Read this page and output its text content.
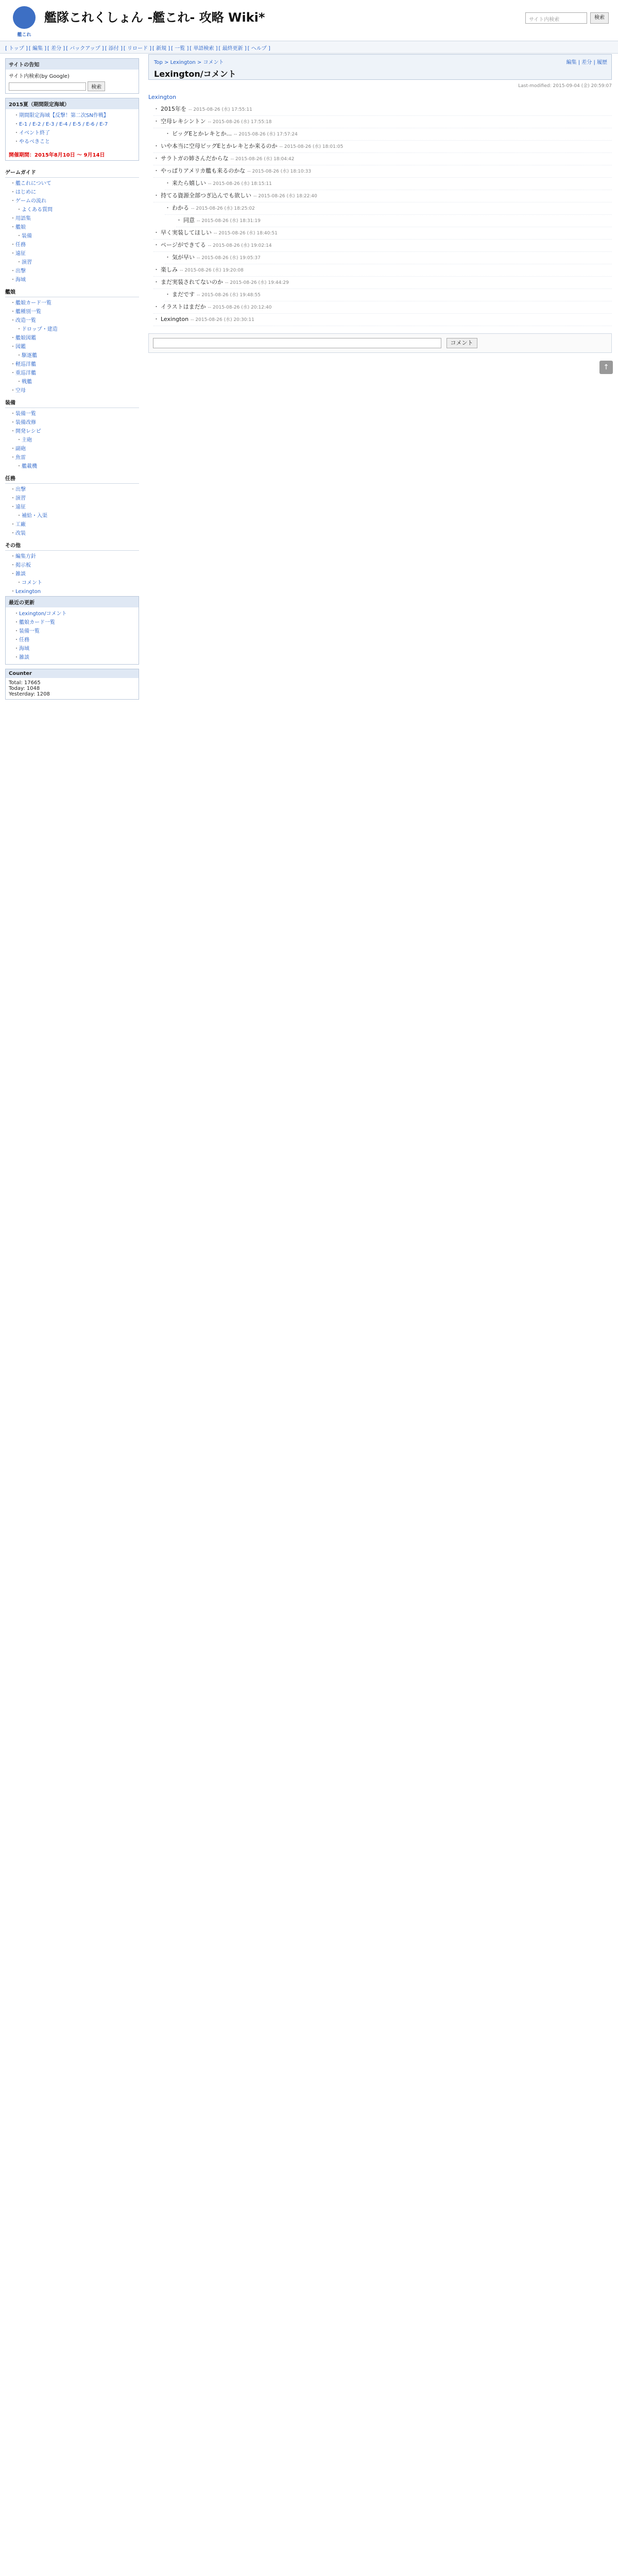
艦これ
艦隊これくしょん -艦これ- 攻略 Wiki*	サイト内検索	検索
[ トップ ] [ 編集 ] [ 差分 ] [ バックアップ ] [ 添付 ] [ リロード ] [ 新規 ] [ 一覧 ] [ 単語検索 ] [ 最終更新 ] [ ヘルプ ]
サイトの告知
サイト内検索(by Google)
検索
2015夏（期間限定海域）
・ 期間限定海域【反撃！第二次SN作戦】
・ E-1 / E-2 / E-3 / E-4 / E-5 / E-6 / E-7
・ イベント終了
・ やるべきこと
開催期間：2015年8月10日 ～ 9月14日
ゲームガイド
・ 艦これについて
・ はじめに
・ ゲームの流れ
・ よくある質問
・ 用語集
・ 艦娘
・ 装備
・ 任務
・ 遠征
・ 演習
・ 出撃
・ 海域
艦娘
・ 艦娘カード一覧
・ 艦種別一覧
・ 改造一覧
・ ドロップ・建造
・ 艦娘図鑑
・ 図鑑
・ 駆逐艦
・ 軽巡洋艦
・ 重巡洋艦
・ 戦艦
・ 空母
装備
・ 装備一覧
・ 装備改修
・ 開発レシピ
・ 主砲
・ 副砲
・ 魚雷
・ 艦載機
任務
・ 出撃
・ 演習
・ 遠征
・ 補給・入渠
・ 工廠
・ 改装
その他
・ 編集方針
・ 掲示板
・ 雑談
・ コメント
・ Lexington
最近の更新
・ Lexington/コメント
・ 艦娘カード一覧
・ 装備一覧
・ 任務
・ 海域
・ 雑談
Counter
Total: 17665
Today: 1048
Yesterday: 1208
Top > Lexington > コメント
Lexington/コメント
編集 | 差分 | 履歴
Last-modified: 2015-09-04 (金) 20:59:07
Lexington
・ 2015年を -- 2015-08-26 (水) 17:55:11
・ 空母レキシントン -- 2015-08-26 (水) 17:55:18
・ ビッグEとかレキとか... -- 2015-08-26 (水) 17:57:24
・ いや本当に空母ビッグEとかレキとか来るのか -- 2015-08-26 (水) 18:01:05
・ サラトガの姉さんだからな -- 2015-08-26 (水) 18:04:42
・ やっぱりアメリカ艦も来るのかな -- 2015-08-26 (水) 18:10:33
・ 来たら嬉しい -- 2015-08-26 (水) 18:15:11
・ 持てる資源全部つぎ込んでも欲しい -- 2015-08-26 (水) 18:22:40
・ わかる -- 2015-08-26 (水) 18:25:02
・ 同意 -- 2015-08-26 (水) 18:31:19
・ 早く実装してほしい -- 2015-08-26 (水) 18:40:51
・ ページができてる -- 2015-08-26 (水) 19:02:14
・ 気が早い -- 2015-08-26 (水) 19:05:37
・ 楽しみ -- 2015-08-26 (水) 19:20:08
・ まだ実装されてないのか -- 2015-08-26 (水) 19:44:29
・ まだです -- 2015-08-26 (水) 19:48:55
・ イラストはまだか -- 2015-08-26 (水) 20:12:40
・ Lexington -- 2015-08-26 (水) 20:30:11
コメント
↑
